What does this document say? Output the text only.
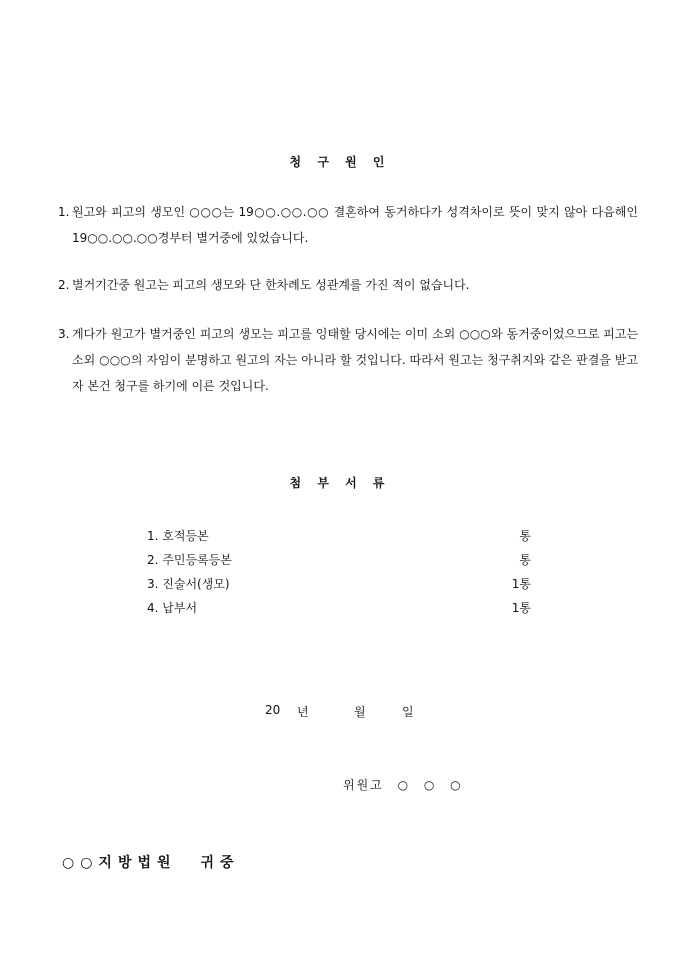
청 구 원 인
1. 원고와 피고의 생모인 ○○○는 19○○.○○.○○ 결혼하여 동거하다가 성격차이로 뜻이 맞지 않아 다음해인 19○○.○○.○○경부터 별거중에 있었습니다.
2. 별거기간중 원고는 피고의 생모와 단 한차례도 성관계를 가진 적이 없습니다.
3. 게다가 원고가 별거중인 피고의 생모는 피고를 잉태할 당시에는 이미 소외 ○○○와 동거중이었으므로 피고는 소외 ○○○의 자임이 분명하고 원고의 자는 아니라 할 것입니다. 따라서 원고는 청구취지와 같은 판결을 받고자 본건 청구를 하기에 이른 것입니다.
첨 부 서 류
1. 호적등본	통
2. 주민등록등본	통
3. 진술서(생모)	1통
4. 납부서	1통
20 년	월	일
위원고 ○ ○ ○
○○지방법원 귀중
